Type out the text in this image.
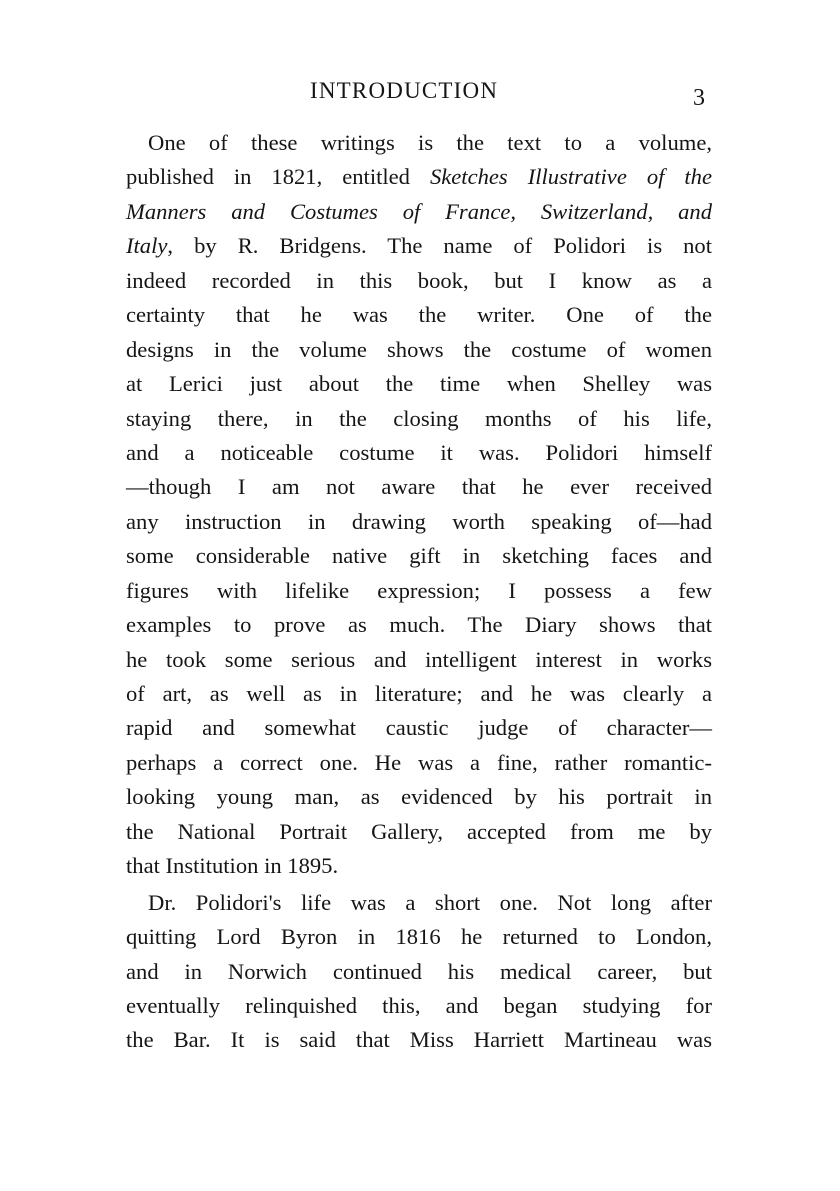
INTRODUCTION	3
One of these writings is the text to a volume,
published in 1821, entitled Sketches Illustrative of the
Manners and Costumes of France, Switzerland, and
Italy, by R. Bridgens. The name of Polidori is not
indeed recorded in this book, but I know as a
certainty that he was the writer. One of the
designs in the volume shows the costume of women
at Lerici just about the time when Shelley was
staying there, in the closing months of his life,
and a noticeable costume it was. Polidori himself
—though I am not aware that he ever received
any instruction in drawing worth speaking of—had
some considerable native gift in sketching faces and
figures with lifelike expression; I possess a few
examples to prove as much. The Diary shows that
he took some serious and intelligent interest in works
of art, as well as in literature; and he was clearly a
rapid and somewhat caustic judge of character—
perhaps a correct one. He was a fine, rather romantic-
looking young man, as evidenced by his portrait in
the National Portrait Gallery, accepted from me by
that Institution in 1895.
Dr. Polidori's life was a short one. Not long after
quitting Lord Byron in 1816 he returned to London,
and in Norwich continued his medical career, but
eventually relinquished this, and began studying for
the Bar. It is said that Miss Harriett Martineau was
